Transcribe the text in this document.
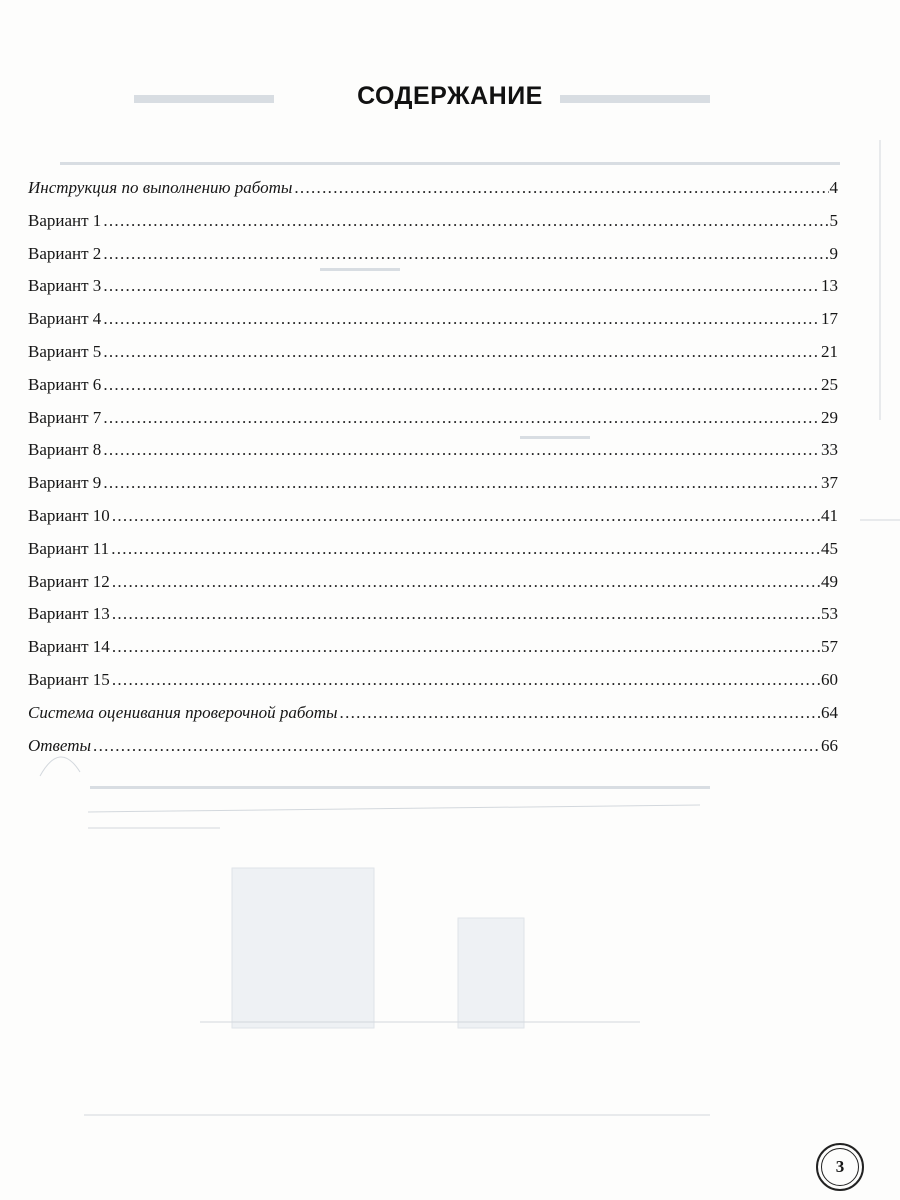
СОДЕРЖАНИЕ
Инструкция по выполнению работы .....	4
Вариант 1 .....	5
Вариант 2 .....	9
Вариант 3 .....	13
Вариант 4 .....	17
Вариант 5 .....	21
Вариант 6 .....	25
Вариант 7 .....	29
Вариант 8 .....	33
Вариант 9 .....	37
Вариант 10 .....	41
Вариант 11 .....	45
Вариант 12 .....	49
Вариант 13 .....	53
Вариант 14 .....	57
Вариант 15 .....	60
Система оценивания проверочной работы .....	64
Ответы .....	66
3
